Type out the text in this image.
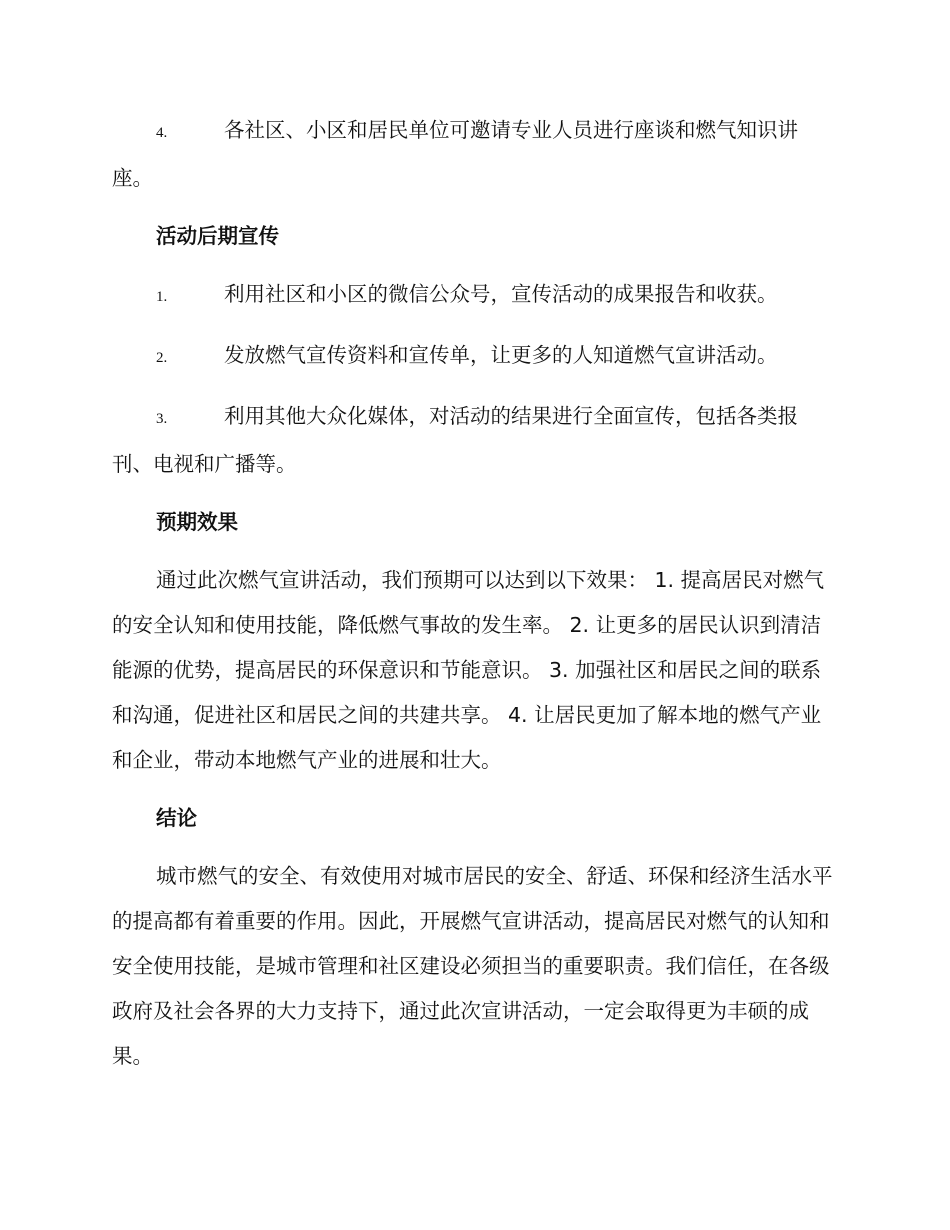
4.	各社区、小区和居民单位可邀请专业人员进行座谈和燃气知识讲座。

活动后期宣传

1.	利用社区和小区的微信公众号，宣传活动的成果报告和收获。

2.	发放燃气宣传资料和宣传单，让更多的人知道燃气宣讲活动。

3.	利用其他大众化媒体，对活动的结果进行全面宣传，包括各类报刊、电视和广播等。

预期效果

通过此次燃气宣讲活动，我们预期可以达到以下效果： 1. 提高居民对燃气的安全认知和使用技能，降低燃气事故的发生率。 2. 让更多的居民认识到清洁能源的优势，提高居民的环保意识和节能意识。 3. 加强社区和居民之间的联系和沟通，促进社区和居民之间的共建共享。 4. 让居民更加了解本地的燃气产业和企业，带动本地燃气产业的进展和壮大。

结论

城市燃气的安全、有效使用对城市居民的安全、舒适、环保和经济生活水平的提高都有着重要的作用。因此，开展燃气宣讲活动，提高居民对燃气的认知和安全使用技能，是城市管理和社区建设必须担当的重要职责。我们信任，在各级政府及社会各界的大力支持下，通过此次宣讲活动，一定会取得更为丰硕的成果。
